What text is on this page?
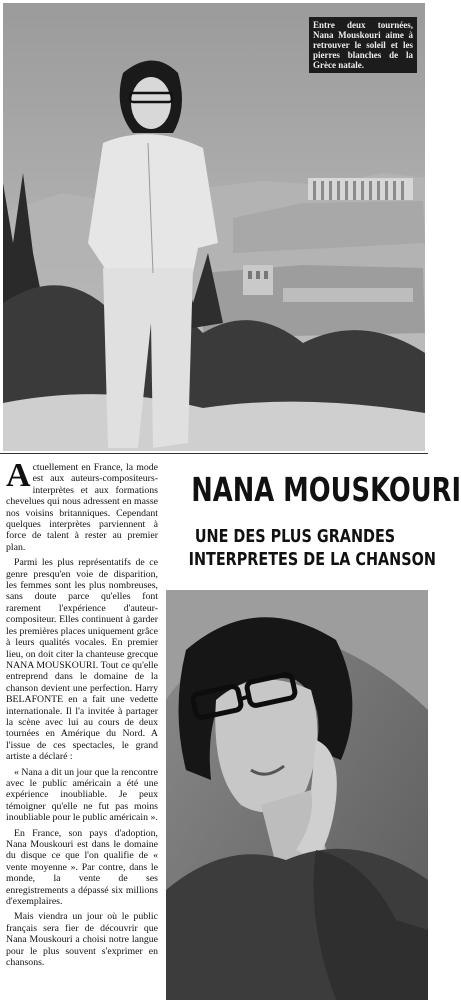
Entre deux tournées, Nana Mouskouri aime à retrouver le soleil et les pierres blanches de la Grèce natale.

Actuellement en France, la mode est aux auteurs-compositeurs-interprètes et aux formations chevelues qui nous adressent en masse nos voisins britanniques. Cependant quelques interprètes parviennent à force de talent à rester au premier plan.

Parmi les plus représentatifs de ce genre presqu'en voie de disparition, les femmes sont les plus nombreuses, sans doute parce qu'elles font rarement l'expérience d'auteur-compositeur. Elles continuent à garder les premières places uniquement grâce à leurs qualités vocales. En premier lieu, on doit citer la chanteuse grecque NANA MOUSKOURI. Tout ce qu'elle entreprend dans le domaine de la chanson devient une perfection. Harry BELAFONTE en a fait une vedette internationale. Il l'a invitée à partager la scène avec lui au cours de deux tournées en Amérique du Nord. A l'issue de ces spectacles, le grand artiste a déclaré :

« Nana a dit un jour que la rencontre avec le public américain a été une expérience inoubliable. Je peux témoigner qu'elle ne fut pas moins inoubliable pour le public américain ».

En France, son pays d'adoption, Nana Mouskouri est dans le domaine du disque ce que l'on qualifie de « vente moyenne ». Par contre, dans le monde, la vente de ses enregistrements a dépassé six millions d'exemplaires.

Mais viendra un jour où le public français sera fier de découvrir que Nana Mouskouri a choisi notre langue pour le plus souvent s'exprimer en chansons.

NANA MOUSKOURI
UNE DES PLUS GRANDES
INTERPRETES DE LA CHANSON
